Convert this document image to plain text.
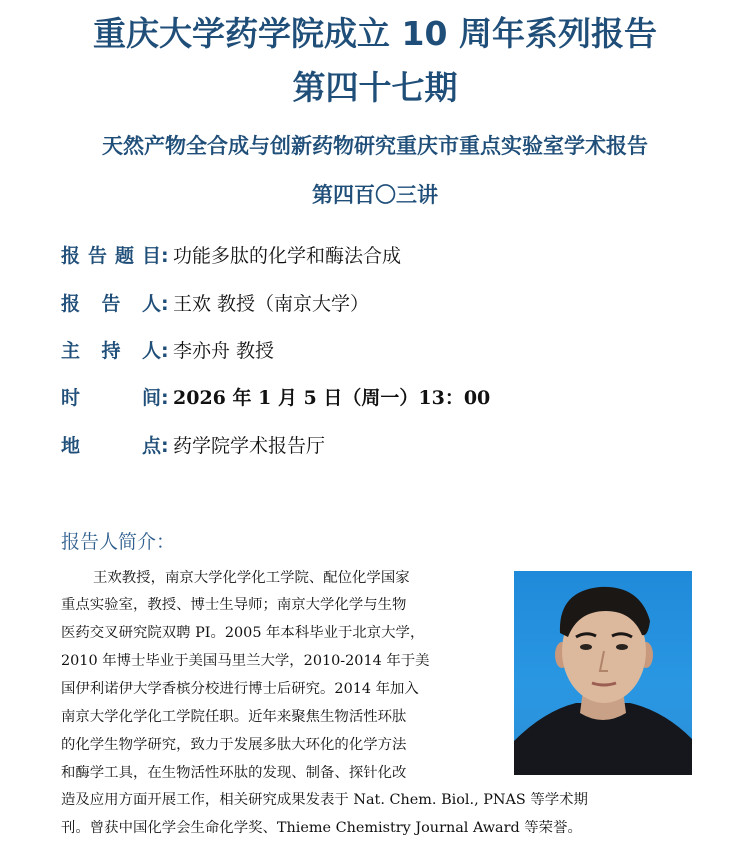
重庆大学药学院成立 10 周年系列报告
第四十七期
天然产物全合成与创新药物研究重庆市重点实验室学术报告
第四百〇三讲
报告题目: 功能多肽的化学和酶法合成
报告人: 王欢 教授（南京大学）
主持人: 李亦舟 教授
时间: 2026 年 1 月 5 日（周一）13：00
地点: 药学院学术报告厅
报告人简介：
王欢教授，南京大学化学化工学院、配位化学国家
重点实验室，教授、博士生导师；南京大学化学与生物
医药交叉研究院双聘 PI。2005 年本科毕业于北京大学，
2010 年博士毕业于美国马里兰大学，2010-2014 年于美
国伊利诺伊大学香槟分校进行博士后研究。2014 年加入
南京大学化学化工学院任职。近年来聚焦生物活性环肽
的化学生物学研究，致力于发展多肽大环化的化学方法
和酶学工具，在生物活性环肽的发现、制备、探针化改
造及应用方面开展工作，相关研究成果发表于 Nat. Chem. Biol., PNAS 等学术期
刊。曾获中国化学会生命化学奖、Thieme Chemistry Journal Award 等荣誉。
